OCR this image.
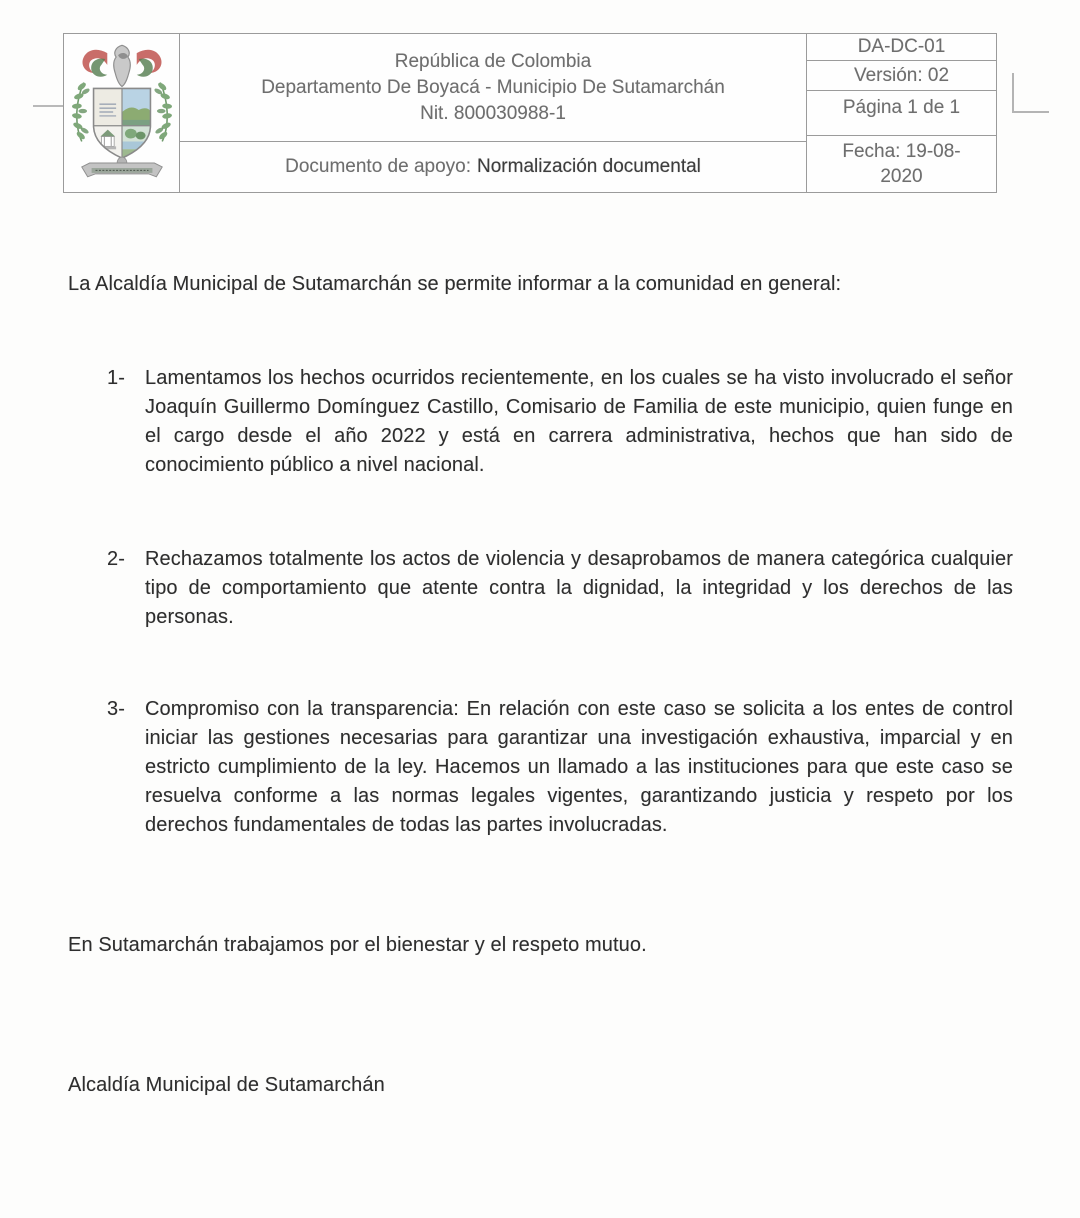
República de Colombia
Departamento De Boyacá - Municipio De Sutamarchán
Nit. 800030988-1
Documento de apoyo: Normalización documental
DA-DC-01
Versión: 02
Página 1 de 1
Fecha: 19-08-2020
La Alcaldía Municipal de Sutamarchán se permite informar a la comunidad en general:
1-	Lamentamos los hechos ocurridos recientemente, en los cuales se ha visto involucrado el señor Joaquín Guillermo Domínguez Castillo, Comisario de Familia de este municipio, quien funge en el cargo desde el año 2022 y está en carrera administrativa, hechos que han sido de conocimiento público a nivel nacional.
2-	Rechazamos totalmente los actos de violencia y desaprobamos de manera categórica cualquier tipo de comportamiento que atente contra la dignidad, la integridad y los derechos de las personas.
3-	Compromiso con la transparencia: En relación con este caso se solicita a los entes de control iniciar las gestiones necesarias para garantizar una investigación exhaustiva, imparcial y en estricto cumplimiento de la ley. Hacemos un llamado a las instituciones para que este caso se resuelva conforme a las normas legales vigentes, garantizando justicia y respeto por los derechos fundamentales de todas las partes involucradas.
En Sutamarchán trabajamos por el bienestar y el respeto mutuo.
Alcaldía Municipal de Sutamarchán
